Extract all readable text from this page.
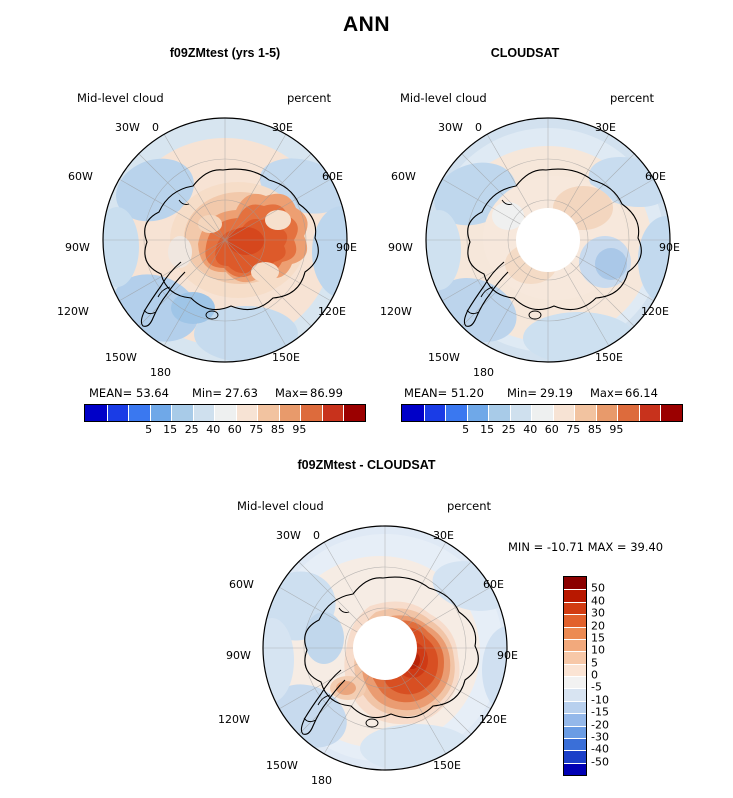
ANN
f09ZMtest (yrs 1-5)
Mid-level cloud	percent
0	30E
60E
90E
120E
150E
180
150W
120W
90W
60W
30W
MEAN= 53.64 Min= 27.63 Max= 86.99
5 15 25 40 60 75 85 95
CLOUDSAT
Mid-level cloud	percent
0	30E
60E
90E
120E
150E
180
150W
120W
90W
60W
30W
MEAN= 51.20 Min= 29.19 Max= 66.14
5 15 25 40 60 75 85 95
f09ZMtest - CLOUDSAT
Mid-level cloud	percent
0	30E
60E
90E
120E
150E
180
150W
120W
90W
60W
30W
MIN = -10.71 MAX = 39.40
50
40
30
20
15
10
5
0
-5
-10
-15
-20
-30
-40
-50
